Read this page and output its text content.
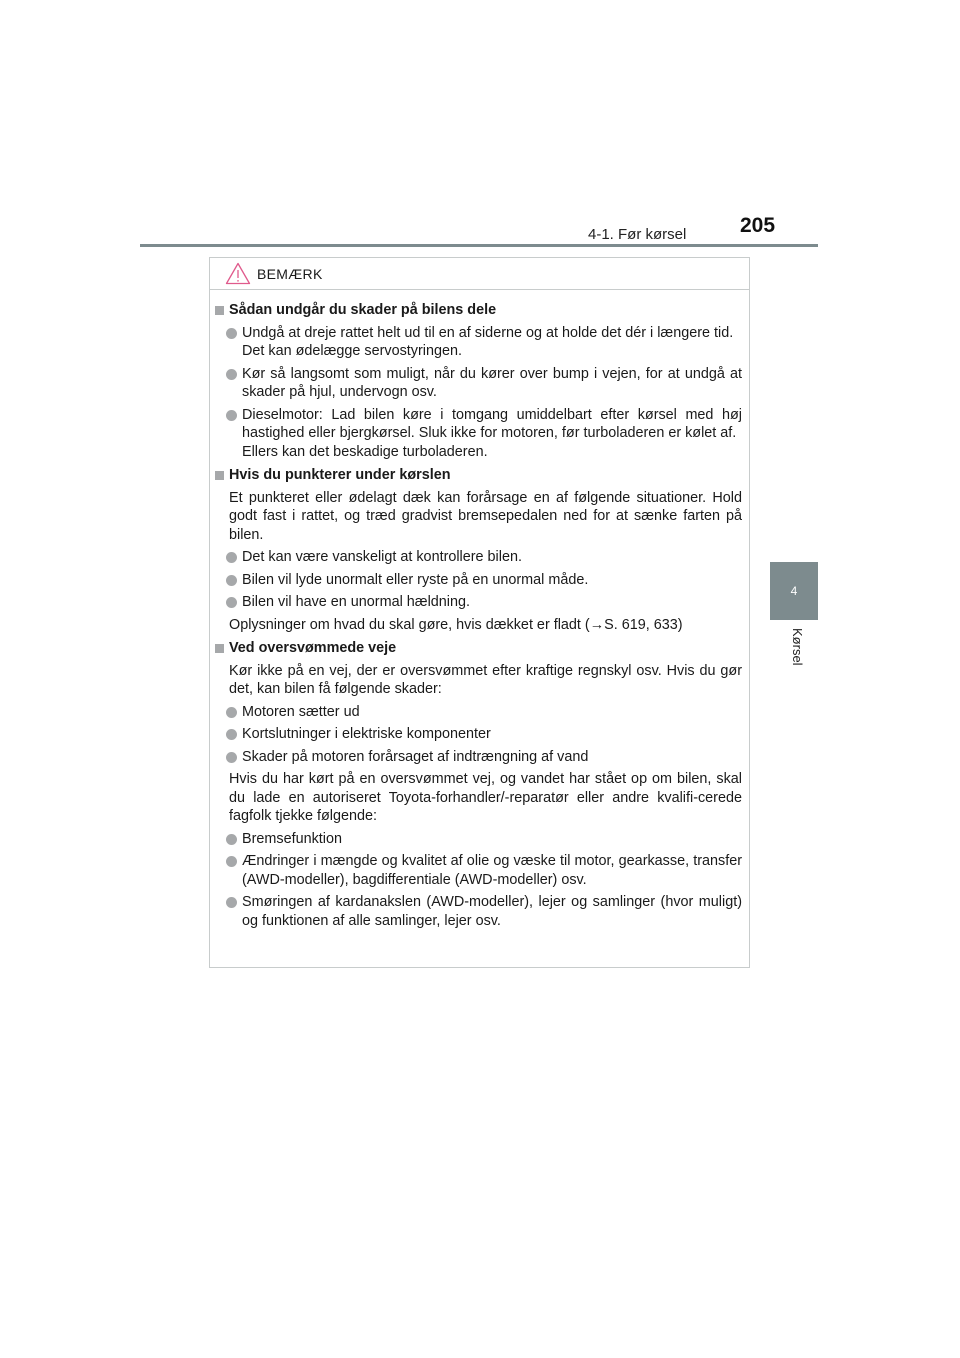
4-1. Før kørsel	205
4
Kørsel
BEMÆRK
Sådan undgår du skader på bilens dele
Undgå at dreje rattet helt ud til en af siderne og at holde det dér i længere tid.
Det kan ødelægge servostyringen.
Kør så langsomt som muligt, når du kører over bump i vejen, for at undgå at skader på hjul, undervogn osv.
Dieselmotor: Lad bilen køre i tomgang umiddelbart efter kørsel med høj hastighed eller bjergkørsel. Sluk ikke for motoren, før turboladeren er kølet af.
Ellers kan det beskadige turboladeren.
Hvis du punkterer under kørslen
Et punkteret eller ødelagt dæk kan forårsage en af følgende situationer. Hold godt fast i rattet, og træd gradvist bremsepedalen ned for at sænke farten på bilen.
Det kan være vanskeligt at kontrollere bilen.
Bilen vil lyde unormalt eller ryste på en unormal måde.
Bilen vil have en unormal hældning.
Oplysninger om hvad du skal gøre, hvis dækket er fladt (→S. 619, 633)
Ved oversvømmede veje
Kør ikke på en vej, der er oversvømmet efter kraftige regnskyl osv. Hvis du gør det, kan bilen få følgende skader:
Motoren sætter ud
Kortslutninger i elektriske komponenter
Skader på motoren forårsaget af indtrængning af vand
Hvis du har kørt på en oversvømmet vej, og vandet har stået op om bilen, skal du lade en autoriseret Toyota-forhandler/-reparatør eller andre kvalifi-cerede fagfolk tjekke følgende:
Bremsefunktion
Ændringer i mængde og kvalitet af olie og væske til motor, gearkasse, transfer (AWD-modeller), bagdifferentiale (AWD-modeller) osv.
Smøringen af kardanakslen (AWD-modeller), lejer og samlinger (hvor muligt) og funktionen af alle samlinger, lejer osv.
